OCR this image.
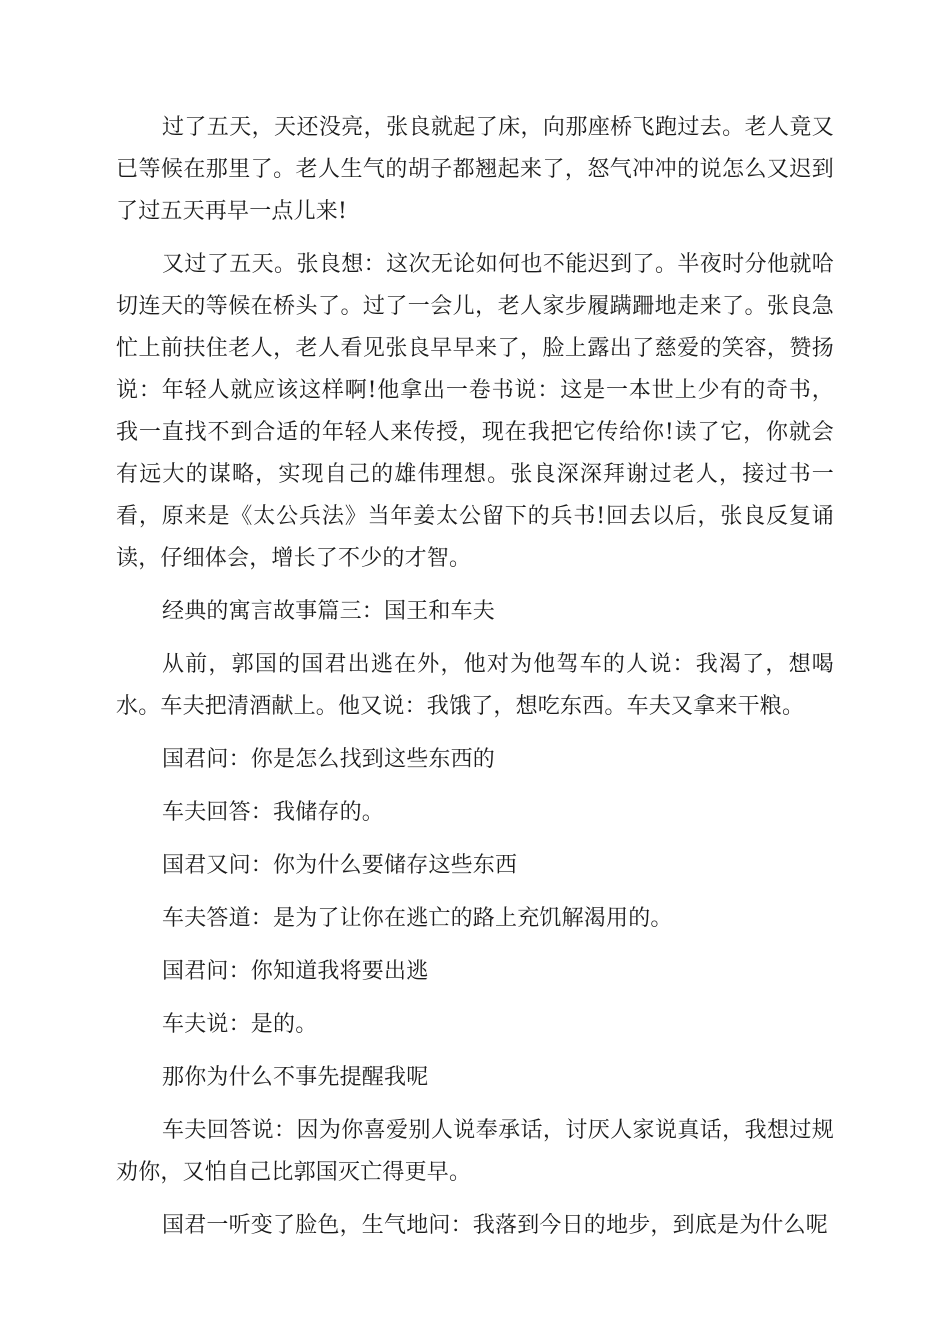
过了五天，天还没亮，张良就起了床，向那座桥飞跑过去。老人竟又已等候在那里了。老人生气的胡子都翘起来了，怒气冲冲的说怎么又迟到了过五天再早一点儿来!

又过了五天。张良想：这次无论如何也不能迟到了。半夜时分他就哈切连天的等候在桥头了。过了一会儿，老人家步履蹒跚地走来了。张良急忙上前扶住老人，老人看见张良早早来了，脸上露出了慈爱的笑容，赞扬说：年轻人就应该这样啊!他拿出一卷书说：这是一本世上少有的奇书，我一直找不到合适的年轻人来传授，现在我把它传给你!读了它，你就会有远大的谋略，实现自己的雄伟理想。张良深深拜谢过老人，接过书一看，原来是《太公兵法》当年姜太公留下的兵书!回去以后，张良反复诵读，仔细体会，增长了不少的才智。

经典的寓言故事篇三：国王和车夫

从前，郭国的国君出逃在外，他对为他驾车的人说：我渴了，想喝水。车夫把清酒献上。他又说：我饿了，想吃东西。车夫又拿来干粮。

国君问：你是怎么找到这些东西的

车夫回答：我储存的。

国君又问：你为什么要储存这些东西

车夫答道：是为了让你在逃亡的路上充饥解渴用的。

国君问：你知道我将要出逃

车夫说：是的。

那你为什么不事先提醒我呢

车夫回答说：因为你喜爱别人说奉承话，讨厌人家说真话，我想过规劝你，又怕自己比郭国灭亡得更早。

国君一听变了脸色，生气地问：我落到今日的地步，到底是为什么呢
